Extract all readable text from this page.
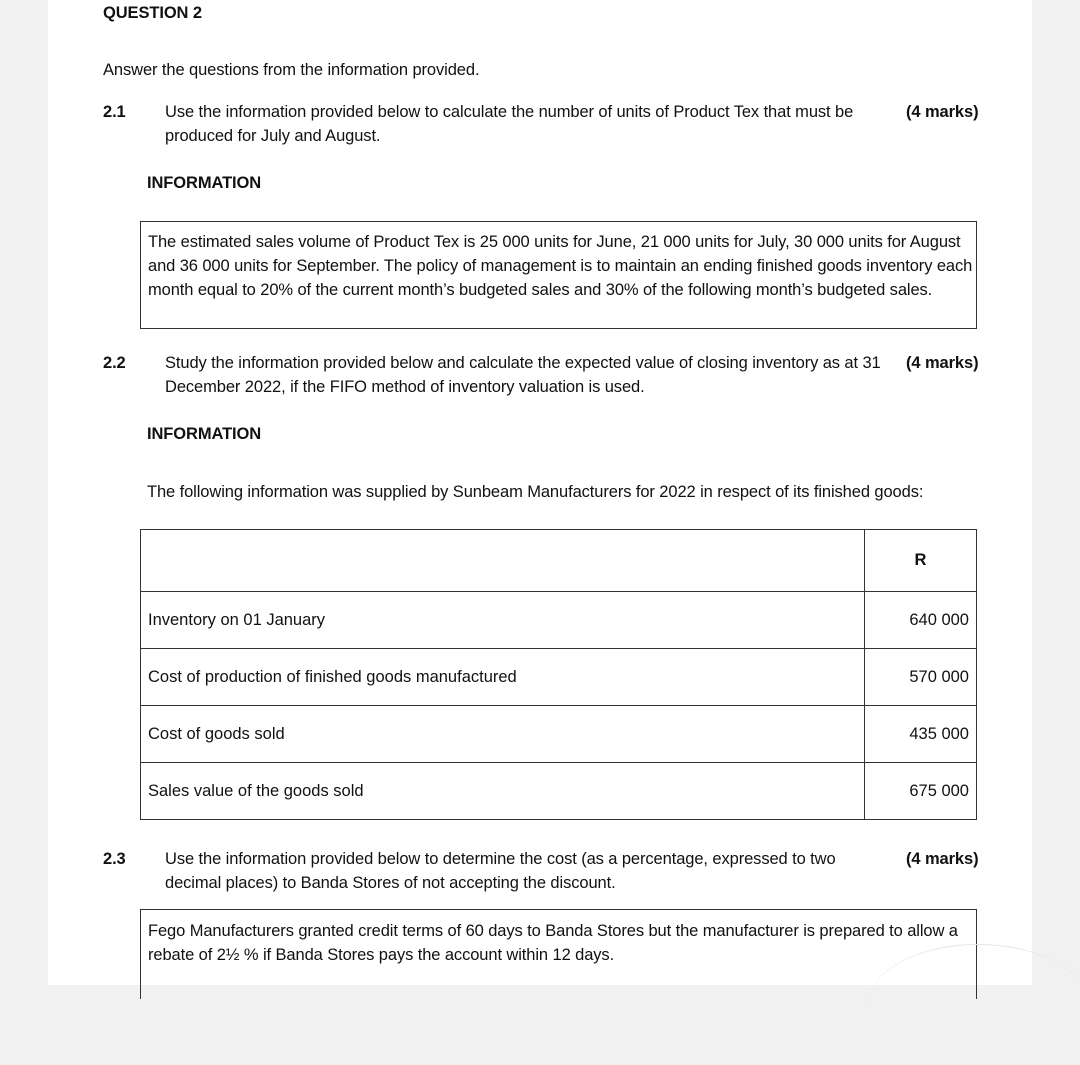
QUESTION 2
Answer the questions from the information provided.
2.1 Use the information provided below to calculate the number of units of Product Tex that must be
produced for July and August.
(4 marks)
INFORMATION
The estimated sales volume of Product Tex is 25 000 units for June, 21 000 units for July, 30 000 units for August
and 36 000 units for September. The policy of management is to maintain an ending finished goods inventory each
month equal to 20% of the current month’s budgeted sales and 30% of the following month’s budgeted sales.
2.2 Study the information provided below and calculate the expected value of closing inventory as at 31
December 2022, if the FIFO method of inventory valuation is used.
(4 marks)
INFORMATION
The following information was supplied by Sunbeam Manufacturers for 2022 in respect of its finished goods:
	R
Inventory on 01 January	640 000
Cost of production of finished goods manufactured	570 000
Cost of goods sold	435 000
Sales value of the goods sold	675 000
2.3 Use the information provided below to determine the cost (as a percentage, expressed to two
decimal places) to Banda Stores of not accepting the discount.
(4 marks)
Fego Manufacturers granted credit terms of 60 days to Banda Stores but the manufacturer is prepared to allow a
rebate of 2½ % if Banda Stores pays the account within 12 days.
